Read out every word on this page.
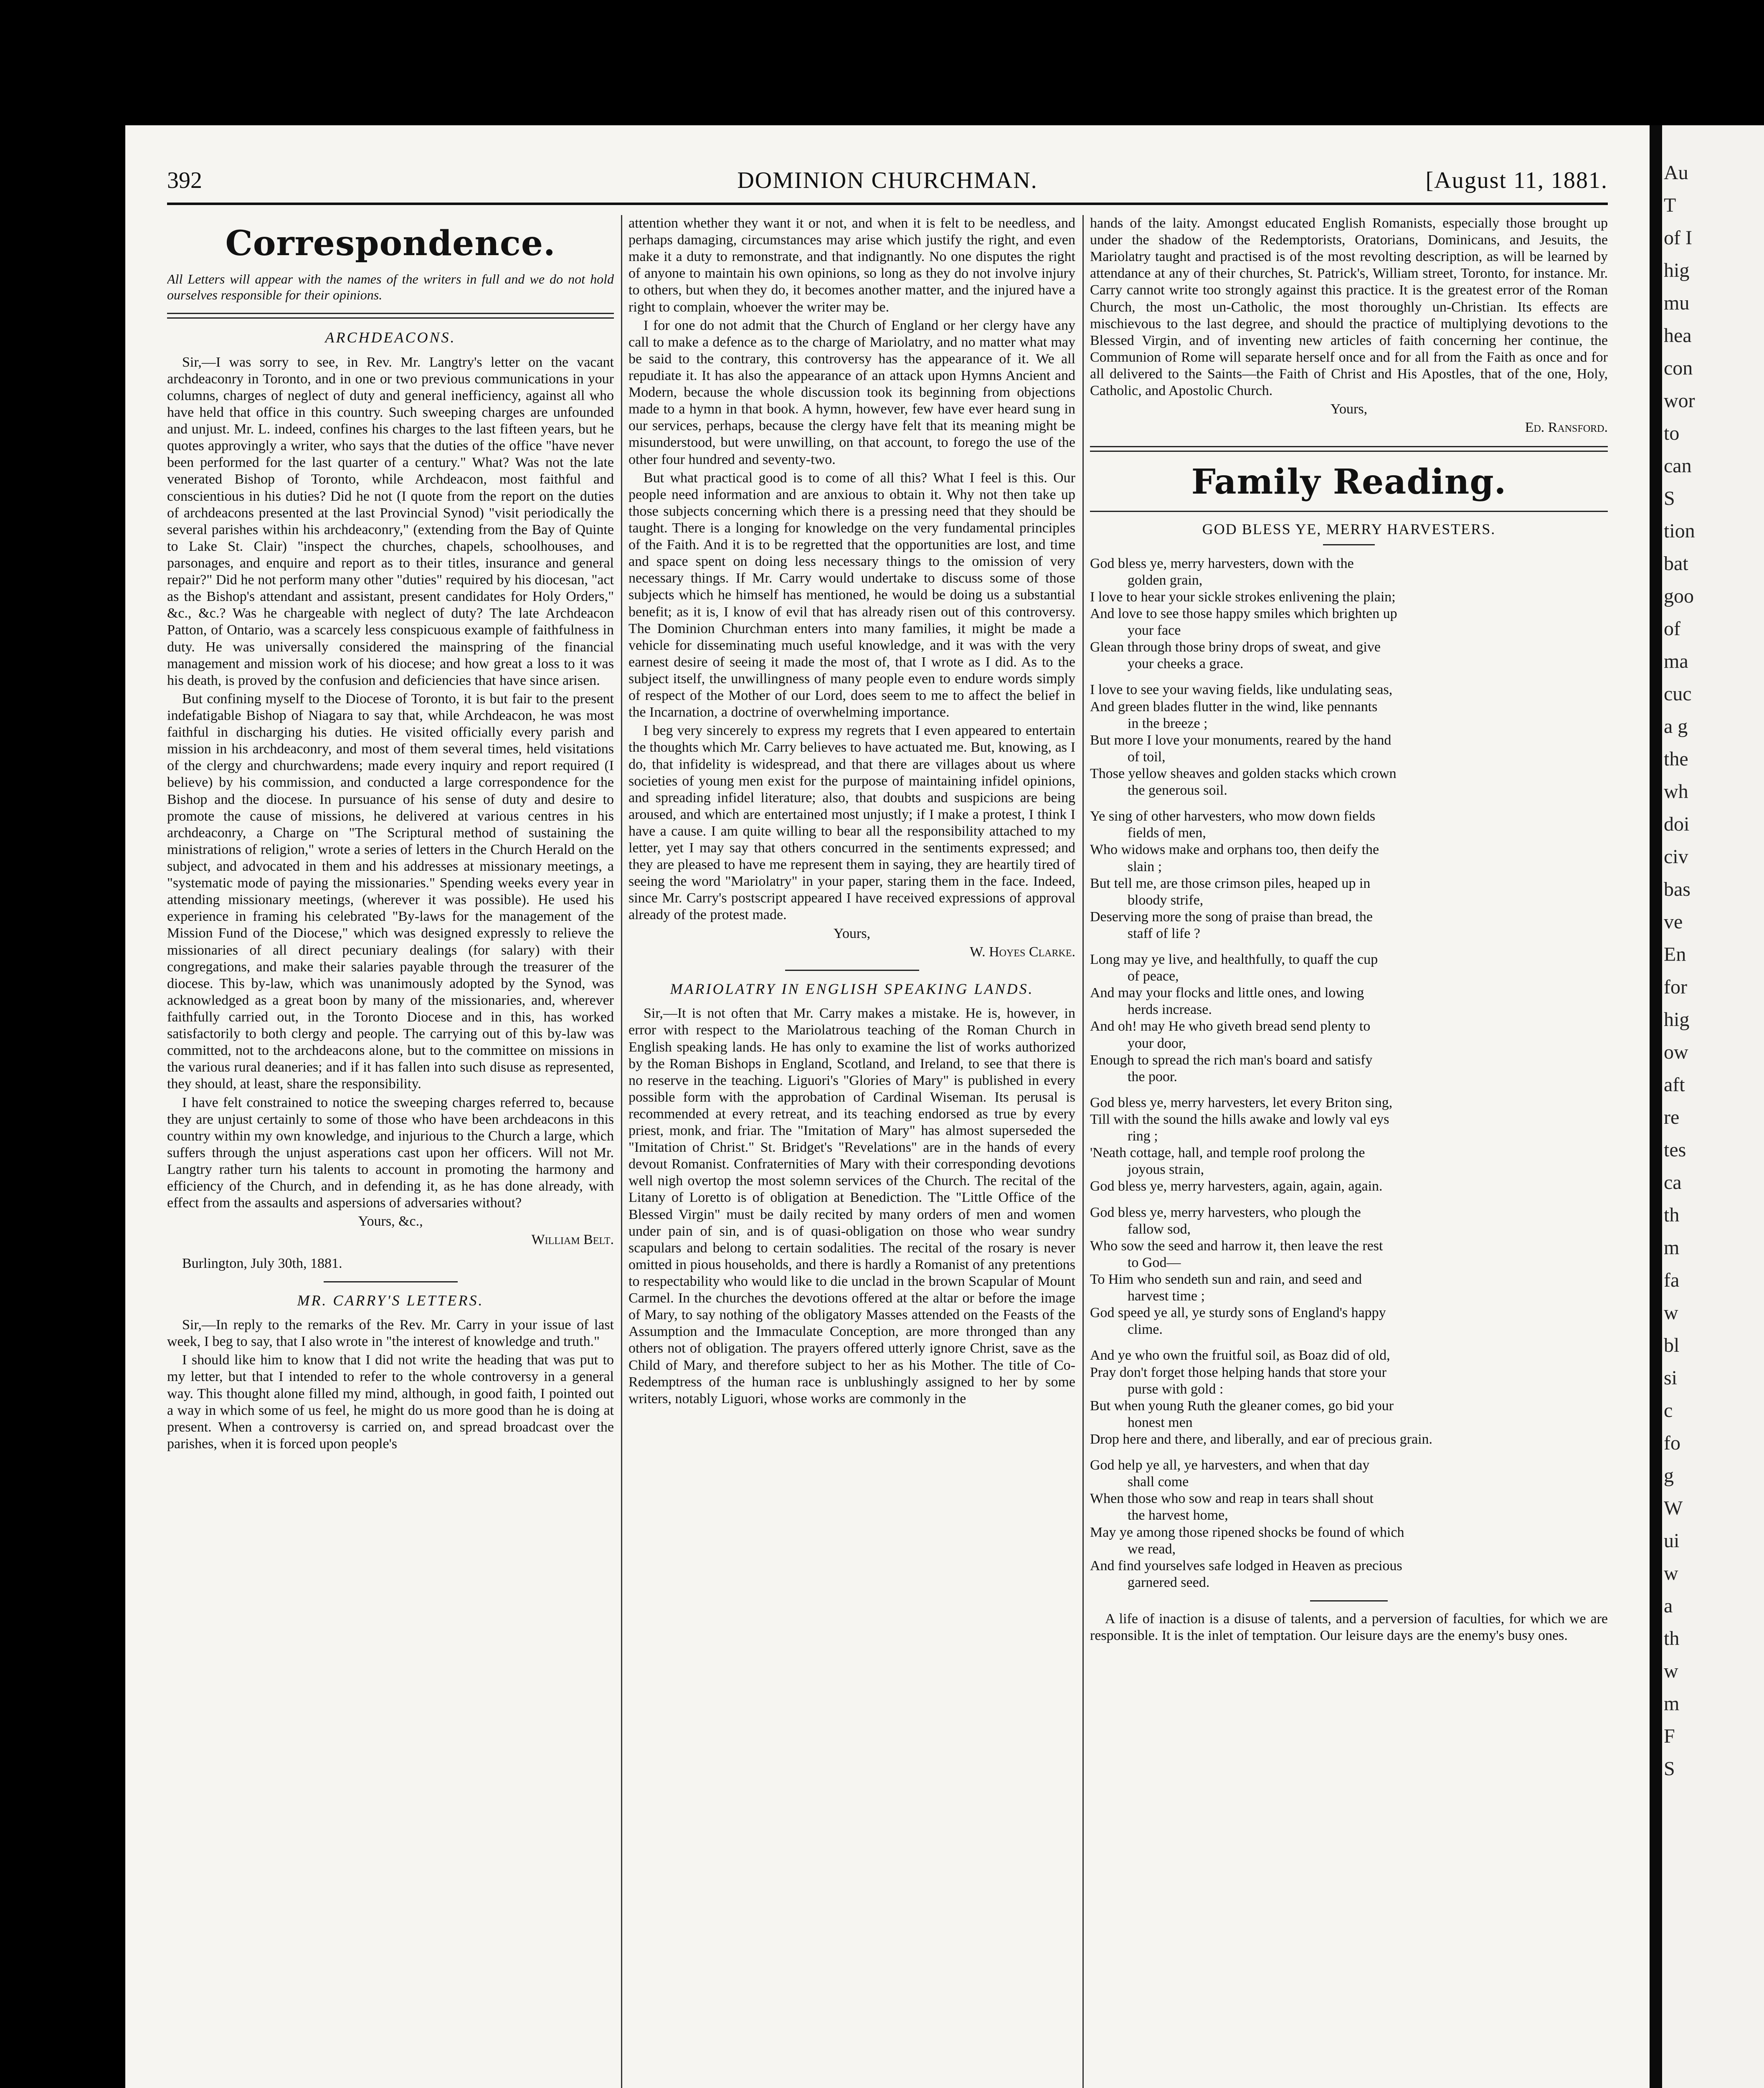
392	DOMINION CHURCHMAN.	[August 11, 1881.
Correspondence.

All Letters will appear with the names of the writers in full and we do not hold ourselves responsible for their opinions.

ARCHDEACONS.

Sir,—I was sorry to see, in Rev. Mr. Langtry's letter on the vacant archdeaconry in Toronto, and in one or two previous communications in your columns, charges of neglect of duty and general inefficiency, against all who have held that office in this country. Such sweeping charges are unfounded and unjust. Mr. L. indeed, confines his charges to the last fifteen years, but he quotes approvingly a writer, who says that the duties of the office "have never been performed for the last quarter of a century." What? Was not the late venerated Bishop of Toronto, while Archdeacon, most faithful and conscientious in his duties? Did he not (I quote from the report on the duties of archdeacons presented at the last Provincial Synod) "visit periodically the several parishes within his archdeaconry," (extending from the Bay of Quinte to Lake St. Clair) "inspect the churches, chapels, schoolhouses, and parsonages, and enquire and report as to their titles, insurance and general repair?" Did he not perform many other "duties" required by his diocesan, "act as the Bishop's attendant and assistant, present candidates for Holy Orders," &c., &c.? Was he chargeable with neglect of duty? The late Archdeacon Patton, of Ontario, was a scarcely less conspicuous example of faithfulness in duty. He was universally considered the mainspring of the financial management and mission work of his diocese; and how great a loss to it was his death, is proved by the confusion and deficiencies that have since arisen.

But confining myself to the Diocese of Toronto, it is but fair to the present indefatigable Bishop of Niagara to say that, while Archdeacon, he was most faithful in discharging his duties. He visited officially every parish and mission in his archdeaconry, and most of them several times, held visitations of the clergy and churchwardens; made every inquiry and report required (I believe) by his commission, and conducted a large correspondence for the Bishop and the diocese. In pursuance of his sense of duty and desire to promote the cause of missions, he delivered at various centres in his archdeaconry, a Charge on "The Scriptural method of sustaining the ministrations of religion," wrote a series of letters in the Church Herald on the subject, and advocated in them and his addresses at missionary meetings, a "systematic mode of paying the missionaries." Spending weeks every year in attending missionary meetings, (wherever it was possible). He used his experience in framing his celebrated "By-laws for the management of the Mission Fund of the Diocese," which was designed expressly to relieve the missionaries of all direct pecuniary dealings (for salary) with their congregations, and make their salaries payable through the treasurer of the diocese. This by-law, which was unanimously adopted by the Synod, was acknowledged as a great boon by many of the missionaries, and, wherever faithfully carried out, in the Toronto Diocese and in this, has worked satisfactorily to both clergy and people. The carrying out of this by-law was committed, not to the archdeacons alone, but to the committee on missions in the various rural deaneries; and if it has fallen into such disuse as represented, they should, at least, share the responsibility.

I have felt constrained to notice the sweeping charges referred to, because they are unjust certainly to some of those who have been archdeacons in this country within my own knowledge, and injurious to the Church a large, which suffers through the unjust asperations cast upon her officers. Will not Mr. Langtry rather turn his talents to account in promoting the harmony and efficiency of the Church, and in defending it, as he has done already, with effect from the assaults and aspersions of adversaries without?

Yours, &c.,

William Belt.

Burlington, July 30th, 1881.

MR. CARRY'S LETTERS.

Sir,—In reply to the remarks of the Rev. Mr. Carry in your issue of last week, I beg to say, that I also wrote in "the interest of knowledge and truth."

I should like him to know that I did not write the heading that was put to my letter, but that I intended to refer to the whole controversy in a general way. This thought alone filled my mind, although, in good faith, I pointed out a way in which some of us feel, he might do us more good than he is doing at present. When a controversy is carried on, and spread broadcast over the parishes, when it is forced upon people's

attention whether they want it or not, and when it is felt to be needless, and perhaps damaging, circumstances may arise which justify the right, and even make it a duty to remonstrate, and that indignantly. No one disputes the right of anyone to maintain his own opinions, so long as they do not involve injury to others, but when they do, it becomes another matter, and the injured have a right to complain, whoever the writer may be.

I for one do not admit that the Church of England or her clergy have any call to make a defence as to the charge of Mariolatry, and no matter what may be said to the contrary, this controversy has the appearance of it. We all repudiate it. It has also the appearance of an attack upon Hymns Ancient and Modern, because the whole discussion took its beginning from objections made to a hymn in that book. A hymn, however, few have ever heard sung in our services, perhaps, because the clergy have felt that its meaning might be misunderstood, but were unwilling, on that account, to forego the use of the other four hundred and seventy-two.

But what practical good is to come of all this? What I feel is this. Our people need information and are anxious to obtain it. Why not then take up those subjects concerning which there is a pressing need that they should be taught. There is a longing for knowledge on the very fundamental principles of the Faith. And it is to be regretted that the opportunities are lost, and time and space spent on doing less necessary things to the omission of very necessary things. If Mr. Carry would undertake to discuss some of those subjects which he himself has mentioned, he would be doing us a substantial benefit; as it is, I know of evil that has already risen out of this controversy. The Dominion Churchman enters into many families, it might be made a vehicle for disseminating much useful knowledge, and it was with the very earnest desire of seeing it made the most of, that I wrote as I did. As to the subject itself, the unwillingness of many people even to endure words simply of respect of the Mother of our Lord, does seem to me to affect the belief in the Incarnation, a doctrine of overwhelming importance.

I beg very sincerely to express my regrets that I even appeared to entertain the thoughts which Mr. Carry believes to have actuated me. But, knowing, as I do, that infidelity is widespread, and that there are villages about us where societies of young men exist for the purpose of maintaining infidel opinions, and spreading infidel literature; also, that doubts and suspicions are being aroused, and which are entertained most unjustly; if I make a protest, I think I have a cause. I am quite willing to bear all the responsibility attached to my letter, yet I may say that others concurred in the sentiments expressed; and they are pleased to have me represent them in saying, they are heartily tired of seeing the word "Mariolatry" in your paper, staring them in the face. Indeed, since Mr. Carry's postscript appeared I have received expressions of approval already of the protest made.

Yours,

W. Hoyes Clarke.

MARIOLATRY IN ENGLISH SPEAKING LANDS.

Sir,—It is not often that Mr. Carry makes a mistake. He is, however, in error with respect to the Mariolatrous teaching of the Roman Church in English speaking lands. He has only to examine the list of works authorized by the Roman Bishops in England, Scotland, and Ireland, to see that there is no reserve in the teaching. Liguori's "Glories of Mary" is published in every possible form with the approbation of Cardinal Wiseman. Its perusal is recommended at every retreat, and its teaching endorsed as true by every priest, monk, and friar. The "Imitation of Mary" has almost superseded the "Imitation of Christ." St. Bridget's "Revelations" are in the hands of every devout Romanist. Confraternities of Mary with their corresponding devotions well nigh overtop the most solemn services of the Church. The recital of the Litany of Loretto is of obligation at Benediction. The "Little Office of the Blessed Virgin" must be daily recited by many orders of men and women under pain of sin, and is of quasi-obligation on those who wear sundry scapulars and belong to certain sodalities. The recital of the rosary is never omitted in pious households, and there is hardly a Romanist of any pretentions to respectability who would like to die unclad in the brown Scapular of Mount Carmel. In the churches the devotions offered at the altar or before the image of Mary, to say nothing of the obligatory Masses attended on the Feasts of the Assumption and the Immaculate Conception, are more thronged than any others not of obligation. The prayers offered utterly ignore Christ, save as the Child of Mary, and therefore subject to her as his Mother. The title of Co-Redemptress of the human race is unblushingly assigned to her by some writers, notably Liguori, whose works are commonly in the

hands of the laity. Amongst educated English Romanists, especially those brought up under the shadow of the Redemptorists, Oratorians, Dominicans, and Jesuits, the Mariolatry taught and practised is of the most revolting description, as will be learned by attendance at any of their churches, St. Patrick's, William street, Toronto, for instance. Mr. Carry cannot write too strongly against this practice. It is the greatest error of the Roman Church, the most un-Catholic, the most thoroughly un-Christian. Its effects are mischievous to the last degree, and should the practice of multiplying devotions to the Blessed Virgin, and of inventing new articles of faith concerning her continue, the Communion of Rome will separate herself once and for all from the Faith as once and for all delivered to the Saints—the Faith of Christ and His Apostles, that of the one, Holy, Catholic, and Apostolic Church.

Yours,

Ed. Ransford.

Family Reading.
GOD BLESS YE, MERRY HARVESTERS.
God bless ye, merry harvesters, down with the
golden grain,
I love to hear your sickle strokes enlivening the plain;
And love to see those happy smiles which brighten up
your face
Glean through those briny drops of sweat, and give
your cheeks a grace.
I love to see your waving fields, like undulating seas,
And green blades flutter in the wind, like pennants
in the breeze ;
But more I love your monuments, reared by the hand
of toil,
Those yellow sheaves and golden stacks which crown
the generous soil.
Ye sing of other harvesters, who mow down fields
fields of men,
Who widows make and orphans too, then deify the
slain ;
But tell me, are those crimson piles, heaped up in
bloody strife,
Deserving more the song of praise than bread, the
staff of life ?
Long may ye live, and healthfully, to quaff the cup
of peace,
And may your flocks and little ones, and lowing
herds increase.
And oh! may He who giveth bread send plenty to
your door,
Enough to spread the rich man's board and satisfy
the poor.
God bless ye, merry harvesters, let every Briton sing,
Till with the sound the hills awake and lowly val eys
ring ;
'Neath cottage, hall, and temple roof prolong the
joyous strain,
God bless ye, merry harvesters, again, again, again.
God bless ye, merry harvesters, who plough the
fallow sod,
Who sow the seed and harrow it, then leave the rest
to God—
To Him who sendeth sun and rain, and seed and
harvest time ;
God speed ye all, ye sturdy sons of England's happy
clime.
And ye who own the fruitful soil, as Boaz did of old,
Pray don't forget those helping hands that store your
purse with gold :
But when young Ruth the gleaner comes, go bid your
honest men
Drop here and there, and liberally, and ear of precious grain.
God help ye all, ye harvesters, and when that day
shall come
When those who sow and reap in tears shall shout
the harvest home,
May ye among those ripened shocks be found of which
we read,
And find yourselves safe lodged in Heaven as precious
garnered seed.

A life of inaction is a disuse of talents, and a perversion of faculties, for which we are responsible. It is the inlet of temptation. Our leisure days are the enemy's busy ones.

Au
T
of I
hig
mu
hea
con
wor
to
can
S
tion
bat
goo
of
ma
cuc
a g
the
wh
doi
civ
bas
ve
En
for
hig
ow
aft
re
tes
ca
th
m
fa
w
bl
si
c
fo
g
W
ui
w
a
th
w
m
F
S
